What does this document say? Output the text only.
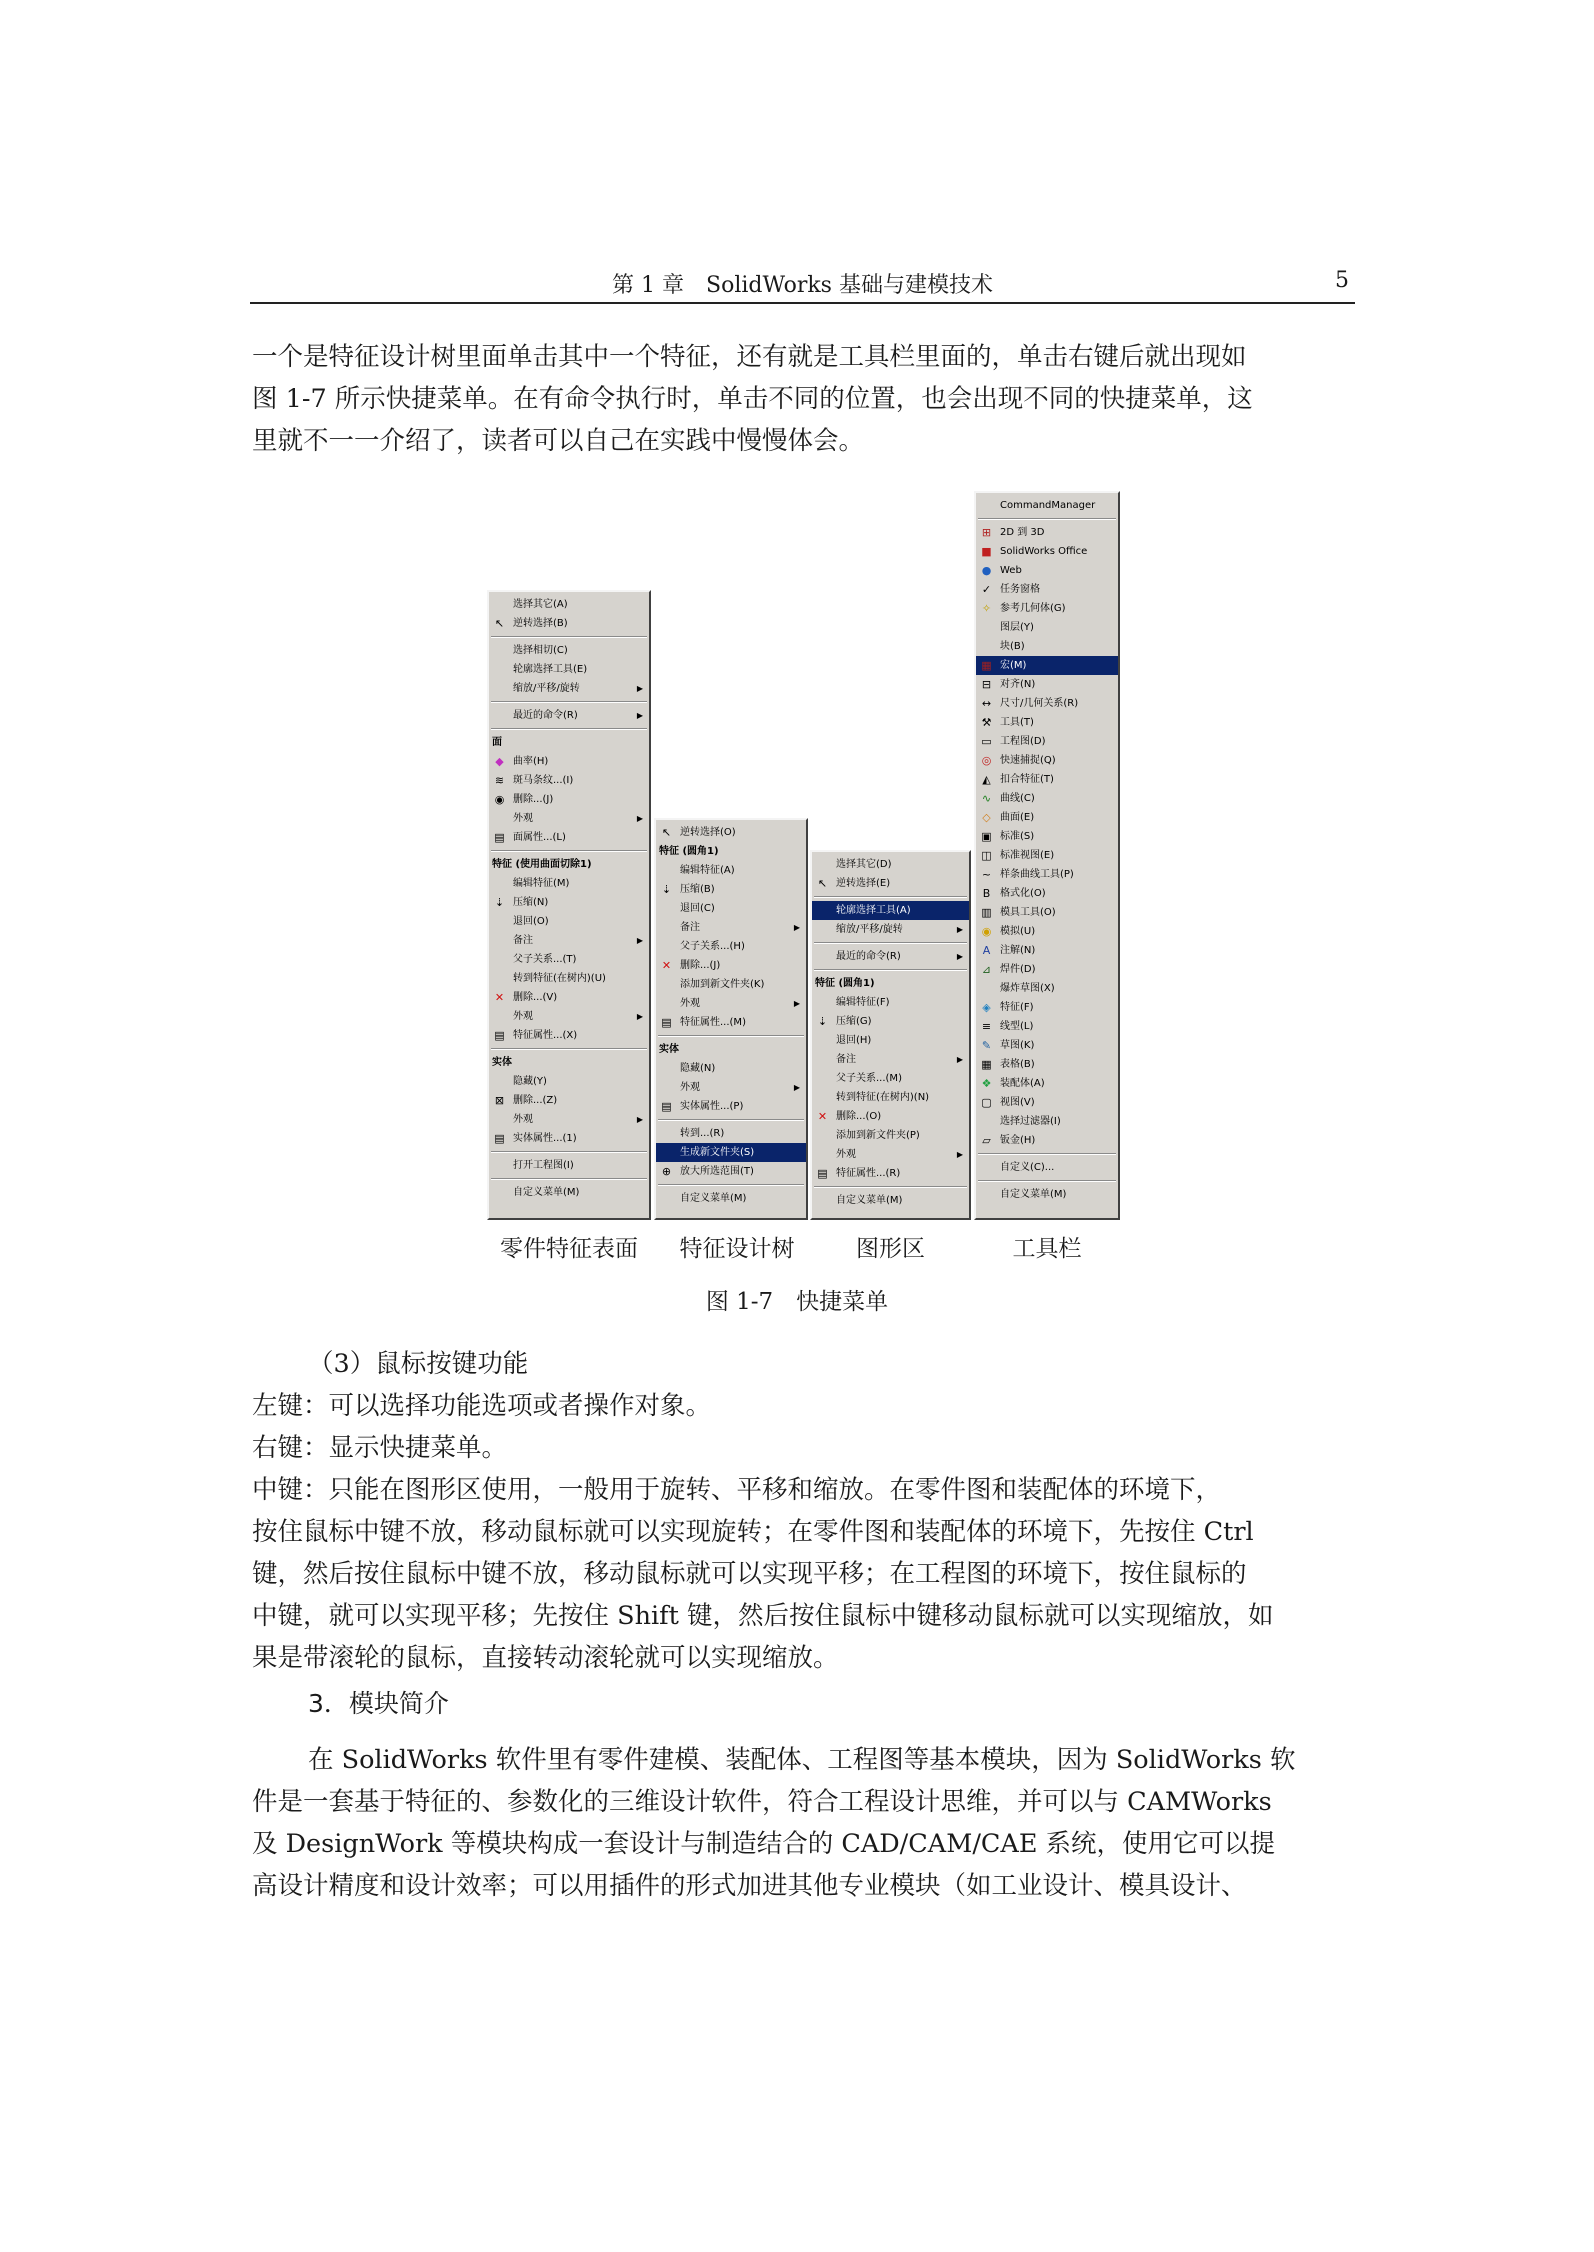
第 1 章　SolidWorks 基础与建模技术	5
一个是特征设计树里面单击其中一个特征，还有就是工具栏里面的，单击右键后就出现如
图 1-7 所示快捷菜单。在有命令执行时，单击不同的位置，也会出现不同的快捷菜单，这
里就不一一介绍了，读者可以自己在实践中慢慢体会。
选择其它(A)
↖ 逆转选择(B)
选择相切(C)
轮廓选择工具(E)
缩放/平移/旋转	▶
最近的命令(R)	▶
面
◆ 曲率(H)
≋ 斑马条纹...(I)
◉ 删除...(J)
外观	▶
▤ 面属性...(L)
特征 (使用曲面切除1)
编辑特征(M)
⇣ 压缩(N)
退回(O)
备注	▶
父子关系...(T)
转到特征(在树内)(U)
✕ 删除...(V)
外观	▶
▤ 特征属性...(X)
实体
隐藏(Y)
⊠ 删除...(Z)
外观	▶
▤ 实体属性...(1)
打开工程图(I)
自定义菜单(M)
↖ 逆转选择(O)
特征 (圆角1)
编辑特征(A)
⇣ 压缩(B)
退回(C)
备注	▶
父子关系...(H)
✕ 删除...(J)
添加到新文件夹(K)
外观	▶
▤ 特征属性...(M)
实体
隐藏(N)
外观	▶
▤ 实体属性...(P)
转到...(R)
生成新文件夹(S)
⊕ 放大所选范围(T)
自定义菜单(M)
选择其它(D)
↖ 逆转选择(E)
轮廓选择工具(A)
缩放/平移/旋转	▶
最近的命令(R)	▶
特征 (圆角1)
编辑特征(F)
⇣ 压缩(G)
退回(H)
备注	▶
父子关系...(M)
转到特征(在树内)(N)
✕ 删除...(O)
添加到新文件夹(P)
外观	▶
▤ 特征属性...(R)
自定义菜单(M)
CommandManager
⊞ 2D 到 3D
■ SolidWorks Office
● Web
✓ 任务窗格
✧ 参考几何体(G)
图层(Y)
块(B)
▦ 宏(M)
⊟ 对齐(N)
↔ 尺寸/几何关系(R)
⚒ 工具(T)
▭ 工程图(D)
◎ 快速捕捉(Q)
◭ 扣合特征(T)
∿ 曲线(C)
◇ 曲面(E)
▣ 标准(S)
◫ 标准视图(E)
~ 样条曲线工具(P)
B 格式化(O)
▥ 模具工具(O)
◉ 模拟(U)
A 注解(N)
⊿ 焊件(D)
爆炸草图(X)
◈ 特征(F)
≡ 线型(L)
✎ 草图(K)
▦ 表格(B)
❖ 装配体(A)
▢ 视图(V)
选择过滤器(I)
▱ 钣金(H)
自定义(C)...
自定义菜单(M)
零件特征表面	特征设计树	图形区	工具栏
图 1-7　快捷菜单
（3）鼠标按键功能
左键：可以选择功能选项或者操作对象。
右键：显示快捷菜单。
中键：只能在图形区使用，一般用于旋转、平移和缩放。在零件图和装配体的环境下，
按住鼠标中键不放，移动鼠标就可以实现旋转；在零件图和装配体的环境下，先按住 Ctrl
键，然后按住鼠标中键不放，移动鼠标就可以实现平移；在工程图的环境下，按住鼠标的
中键，就可以实现平移；先按住 Shift 键，然后按住鼠标中键移动鼠标就可以实现缩放，如
果是带滚轮的鼠标，直接转动滚轮就可以实现缩放。
3．模块简介
在 SolidWorks 软件里有零件建模、装配体、工程图等基本模块，因为 SolidWorks 软
件是一套基于特征的、参数化的三维设计软件，符合工程设计思维，并可以与 CAMWorks
及 DesignWork 等模块构成一套设计与制造结合的 CAD/CAM/CAE 系统，使用它可以提
高设计精度和设计效率；可以用插件的形式加进其他专业模块（如工业设计、模具设计、
